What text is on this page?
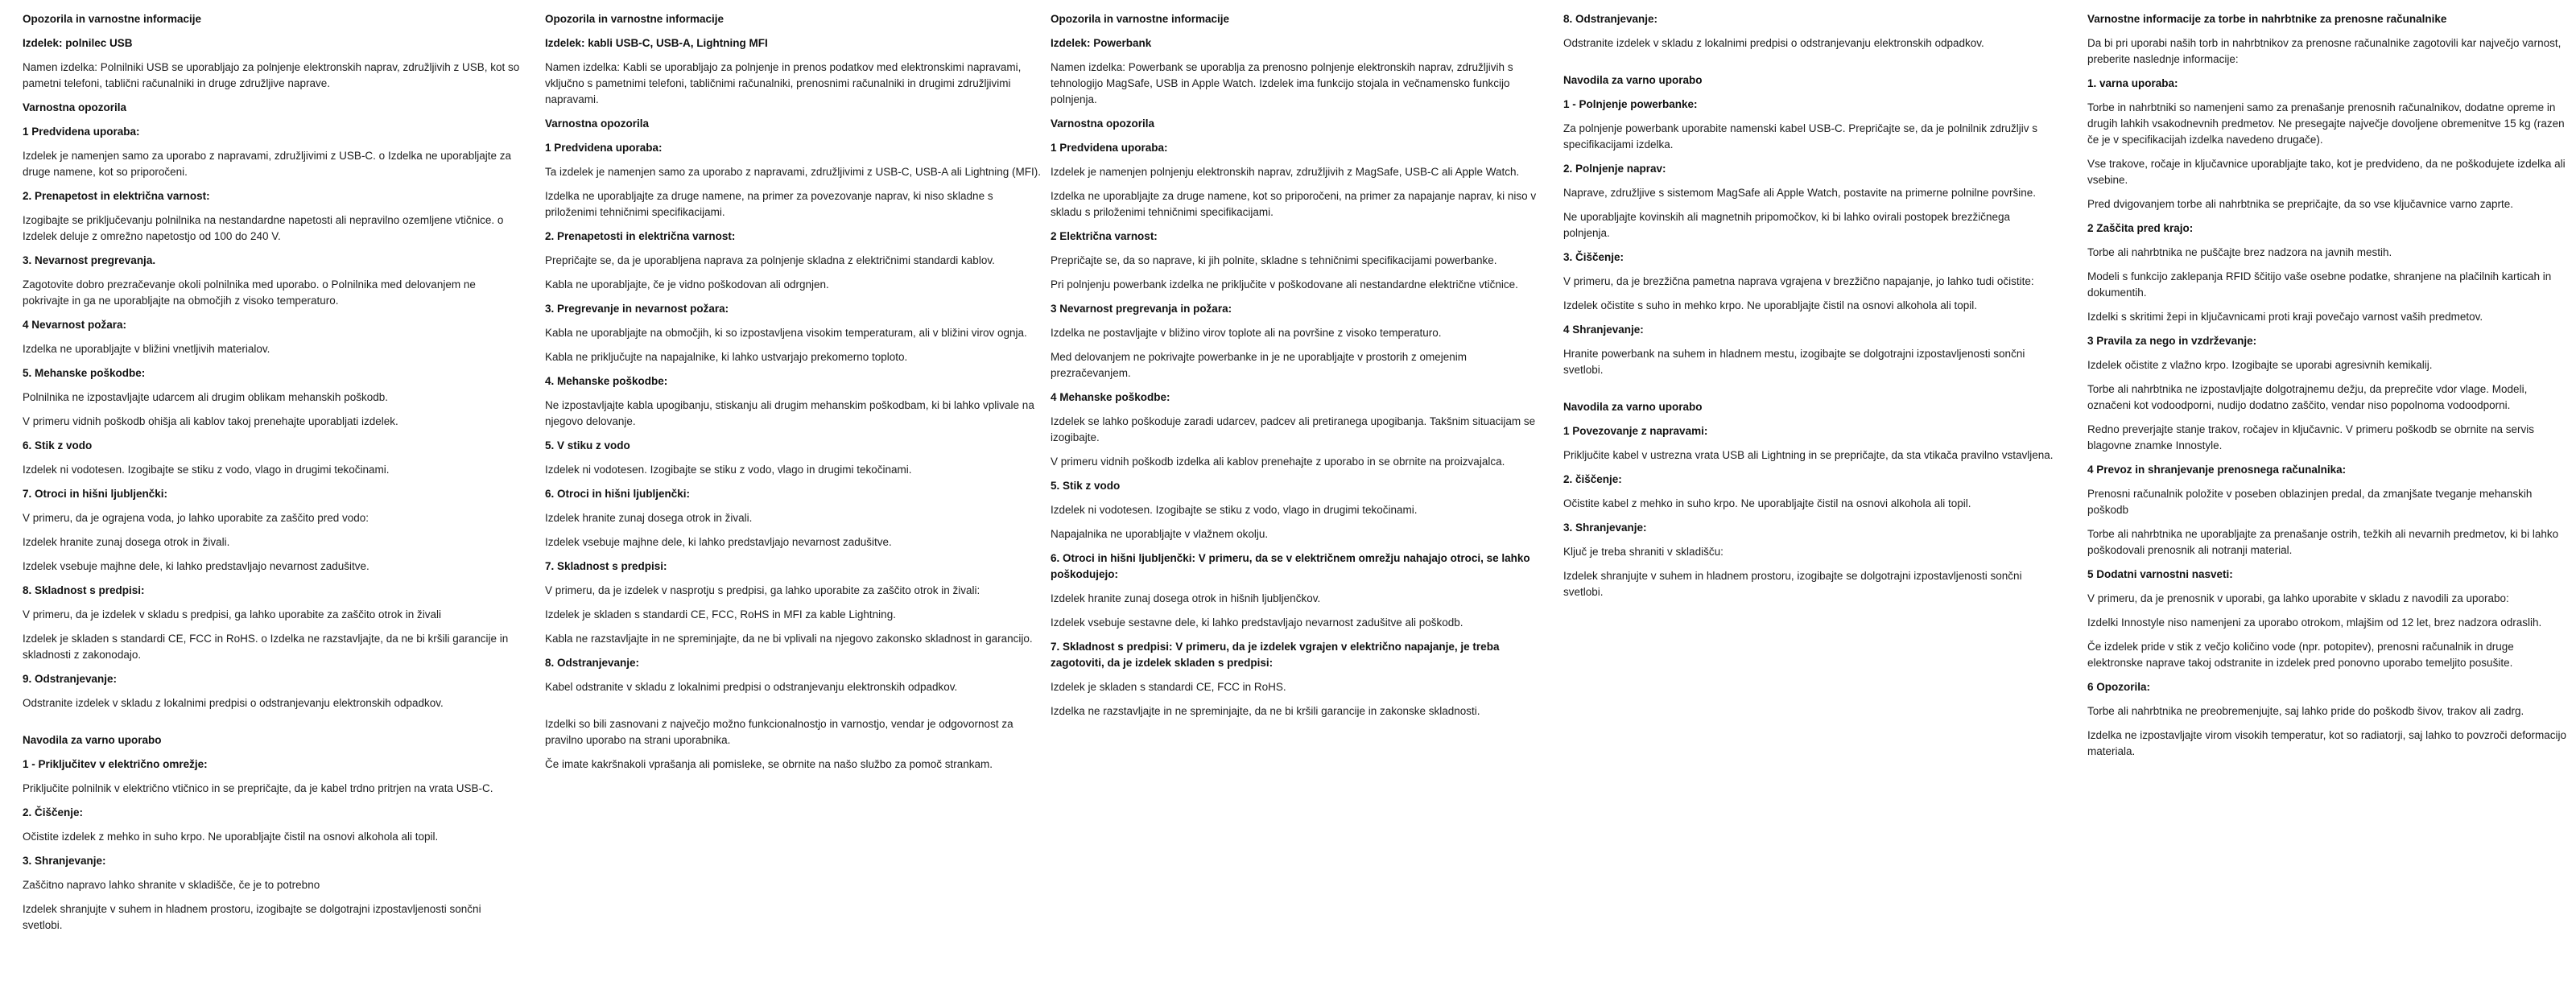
Opozorila in varnostne informacije
Izdelek: polnilec USB
Namen izdelka: Polnilniki USB se uporabljajo za polnjenje elektronskih naprav, združljivih z USB, kot so pametni telefoni, tablični računalniki in druge združljive naprave.
Varnostna opozorila
1 Predvidena uporaba:
Izdelek je namenjen samo za uporabo z napravami, združljivimi z USB-C. o Izdelka ne uporabljajte za druge namene, kot so priporočeni.
2. Prenapetost in električna varnost:
Izogibajte se priključevanju polnilnika na nestandardne napetosti ali nepravilno ozemljene vtičnice. o Izdelek deluje z omrežno napetostjo od 100 do 240 V.
3. Nevarnost pregrevanja.
Zagotovite dobro prezračevanje okoli polnilnika med uporabo. o Polnilnika med delovanjem ne pokrivajte in ga ne uporabljajte na območjih z visoko temperaturo.
4 Nevarnost požara:
Izdelka ne uporabljajte v bližini vnetljivih materialov.
5. Mehanske poškodbe:
Polnilnika ne izpostavljajte udarcem ali drugim oblikam mehanskih poškodb.
V primeru vidnih poškodb ohišja ali kablov takoj prenehajte uporabljati izdelek.
6. Stik z vodo
Izdelek ni vodotesen. Izogibajte se stiku z vodo, vlago in drugimi tekočinami.
7. Otroci in hišni ljubljenčki:
V primeru, da je ograjena voda, jo lahko uporabite za zaščito pred vodo:
Izdelek hranite zunaj dosega otrok in živali.
Izdelek vsebuje majhne dele, ki lahko predstavljajo nevarnost zadušitve.
8. Skladnost s predpisi:
V primeru, da je izdelek v skladu s predpisi, ga lahko uporabite za zaščito otrok in živali
Izdelek je skladen s standardi CE, FCC in RoHS. o Izdelka ne razstavljajte, da ne bi kršili garancije in skladnosti z zakonodajo.
9. Odstranjevanje:
Odstranite izdelek v skladu z lokalnimi predpisi o odstranjevanju elektronskih odpadkov.
Navodila za varno uporabo
1 - Priključitev v električno omrežje:
Priključite polnilnik v električno vtičnico in se prepričajte, da je kabel trdno pritrjen na vrata USB-C.
2. Čiščenje:
Očistite izdelek z mehko in suho krpo. Ne uporabljajte čistil na osnovi alkohola ali topil.
3. Shranjevanje:
Zaščitno napravo lahko shranite v skladišče, če je to potrebno
Izdelek shranjujte v suhem in hladnem prostoru, izogibajte se dolgotrajni izpostavljenosti sončni svetlobi.
Opozorila in varnostne informacije
Izdelek: kabli USB-C, USB-A, Lightning MFI
Namen izdelka: Kabli se uporabljajo za polnjenje in prenos podatkov med elektronskimi napravami, vključno s pametnimi telefoni, tabličnimi računalniki, prenosnimi računalniki in drugimi združljivimi napravami.
Varnostna opozorila
1 Predvidena uporaba:
Ta izdelek je namenjen samo za uporabo z napravami, združljivimi z USB-C, USB-A ali Lightning (MFI).
Izdelka ne uporabljajte za druge namene, na primer za povezovanje naprav, ki niso skladne s priloženimi tehničnimi specifikacijami.
2. Prenapetosti in električna varnost:
Prepričajte se, da je uporabljena naprava za polnjenje skladna z električnimi standardi kablov.
Kabla ne uporabljajte, če je vidno poškodovan ali odrgnjen.
3. Pregrevanje in nevarnost požara:
Kabla ne uporabljajte na območjih, ki so izpostavljena visokim temperaturam, ali v bližini virov ognja.
Kabla ne priključujte na napajalnike, ki lahko ustvarjajo prekomerno toploto.
4. Mehanske poškodbe:
Ne izpostavljajte kabla upogibanju, stiskanju ali drugim mehanskim poškodbam, ki bi lahko vplivale na njegovo delovanje.
5. V stiku z vodo
Izdelek ni vodotesen. Izogibajte se stiku z vodo, vlago in drugimi tekočinami.
6. Otroci in hišni ljubljenčki:
Izdelek hranite zunaj dosega otrok in živali.
Izdelek vsebuje majhne dele, ki lahko predstavljajo nevarnost zadušitve.
7. Skladnost s predpisi:
V primeru, da je izdelek v nasprotju s predpisi, ga lahko uporabite za zaščito otrok in živali:
Izdelek je skladen s standardi CE, FCC, RoHS in MFI za kable Lightning.
Kabla ne razstavljajte in ne spreminjajte, da ne bi vplivali na njegovo zakonsko skladnost in garancijo.
8. Odstranjevanje:
Kabel odstranite v skladu z lokalnimi predpisi o odstranjevanju elektronskih odpadkov.
Izdelki so bili zasnovani z največjo možno funkcionalnostjo in varnostjo, vendar je odgovornost za pravilno uporabo na strani uporabnika.
Če imate kakršnakoli vprašanja ali pomisleke, se obrnite na našo službo za pomoč strankam.
Opozorila in varnostne informacije
Izdelek: Powerbank
Namen izdelka: Powerbank se uporablja za prenosno polnjenje elektronskih naprav, združljivih s tehnologijo MagSafe, USB in Apple Watch. Izdelek ima funkcijo stojala in večnamensko funkcijo polnjenja.
Varnostna opozorila
1 Predvidena uporaba:
Izdelek je namenjen polnjenju elektronskih naprav, združljivih z MagSafe, USB-C ali Apple Watch.
Izdelka ne uporabljajte za druge namene, kot so priporočeni, na primer za napajanje naprav, ki niso v skladu s priloženimi tehničnimi specifikacijami.
2 Električna varnost:
Prepričajte se, da so naprave, ki jih polnite, skladne s tehničnimi specifikacijami powerbanke.
Pri polnjenju powerbank izdelka ne priključite v poškodovane ali nestandardne električne vtičnice.
3 Nevarnost pregrevanja in požara:
Izdelka ne postavljajte v bližino virov toplote ali na površine z visoko temperaturo.
Med delovanjem ne pokrivajte powerbanke in je ne uporabljajte v prostorih z omejenim prezračevanjem.
4 Mehanske poškodbe:
Izdelek se lahko poškoduje zaradi udarcev, padcev ali pretiranega upogibanja. Takšnim situacijam se izogibajte.
V primeru vidnih poškodb izdelka ali kablov prenehajte z uporabo in se obrnite na proizvajalca.
5. Stik z vodo
Izdelek ni vodotesen. Izogibajte se stiku z vodo, vlago in drugimi tekočinami.
Napajalnika ne uporabljajte v vlažnem okolju.
6. Otroci in hišni ljubljenčki: V primeru, da se v električnem omrežju nahajajo otroci, se lahko poškodujejo:
Izdelek hranite zunaj dosega otrok in hišnih ljubljenčkov.
Izdelek vsebuje sestavne dele, ki lahko predstavljajo nevarnost zadušitve ali poškodb.
7. Skladnost s predpisi: V primeru, da je izdelek vgrajen v električno napajanje, je treba zagotoviti, da je izdelek skladen s predpisi:
Izdelek je skladen s standardi CE, FCC in RoHS.
Izdelka ne razstavljajte in ne spreminjajte, da ne bi kršili garancije in zakonske skladnosti.
8. Odstranjevanje:
Odstranite izdelek v skladu z lokalnimi predpisi o odstranjevanju elektronskih odpadkov.
Navodila za varno uporabo
1 - Polnjenje powerbanke:
Za polnjenje powerbank uporabite namenski kabel USB-C. Prepričajte se, da je polnilnik združljiv s specifikacijami izdelka.
2. Polnjenje naprav:
Naprave, združljive s sistemom MagSafe ali Apple Watch, postavite na primerne polnilne površine.
Ne uporabljajte kovinskih ali magnetnih pripomočkov, ki bi lahko ovirali postopek brezžičnega polnjenja.
3. Čiščenje:
V primeru, da je brezžična pametna naprava vgrajena v brezžično napajanje, jo lahko tudi očistite:
Izdelek očistite s suho in mehko krpo. Ne uporabljajte čistil na osnovi alkohola ali topil.
4 Shranjevanje:
Hranite powerbank na suhem in hladnem mestu, izogibajte se dolgotrajni izpostavljenosti sončni svetlobi.
Navodila za varno uporabo
1 Povezovanje z napravami:
Priključite kabel v ustrezna vrata USB ali Lightning in se prepričajte, da sta vtikača pravilno vstavljena.
2. čiščenje:
Očistite kabel z mehko in suho krpo. Ne uporabljajte čistil na osnovi alkohola ali topil.
3. Shranjevanje:
Ključ je treba shraniti v skladišču:
Izdelek shranjujte v suhem in hladnem prostoru, izogibajte se dolgotrajni izpostavljenosti sončni svetlobi.
Varnostne informacije za torbe in nahrbtnike za prenosne računalnike
Da bi pri uporabi naših torb in nahrbtnikov za prenosne računalnike zagotovili kar največjo varnost, preberite naslednje informacije:
1. varna uporaba:
Torbe in nahrbtniki so namenjeni samo za prenašanje prenosnih računalnikov, dodatne opreme in drugih lahkih vsakodnevnih predmetov. Ne presegajte največje dovoljene obremenitve 15 kg (razen če je v specifikacijah izdelka navedeno drugače).
Vse trakove, ročaje in ključavnice uporabljajte tako, kot je predvideno, da ne poškodujete izdelka ali vsebine.
Pred dvigovanjem torbe ali nahrbtnika se prepričajte, da so vse ključavnice varno zaprte.
2 Zaščita pred krajo:
Torbe ali nahrbtnika ne puščajte brez nadzora na javnih mestih.
Modeli s funkcijo zaklepanja RFID ščitijo vaše osebne podatke, shranjene na plačilnih karticah in dokumentih.
Izdelki s skritimi žepi in ključavnicami proti kraji povečajo varnost vaših predmetov.
3 Pravila za nego in vzdrževanje:
Izdelek očistite z vlažno krpo. Izogibajte se uporabi agresivnih kemikalij.
Torbe ali nahrbtnika ne izpostavljajte dolgotrajnemu dežju, da preprečite vdor vlage. Modeli, označeni kot vodoodporni, nudijo dodatno zaščito, vendar niso popolnoma vodoodporni.
Redno preverjajte stanje trakov, ročajev in ključavnic. V primeru poškodb se obrnite na servis blagovne znamke Innostyle.
4 Prevoz in shranjevanje prenosnega računalnika:
Prenosni računalnik položite v poseben oblazinjen predal, da zmanjšate tveganje mehanskih poškodb
Torbe ali nahrbtnika ne uporabljajte za prenašanje ostrih, težkih ali nevarnih predmetov, ki bi lahko poškodovali prenosnik ali notranji material.
5 Dodatni varnostni nasveti:
V primeru, da je prenosnik v uporabi, ga lahko uporabite v skladu z navodili za uporabo:
Izdelki Innostyle niso namenjeni za uporabo otrokom, mlajšim od 12 let, brez nadzora odraslih.
Če izdelek pride v stik z večjo količino vode (npr. potopitev), prenosni računalnik in druge elektronske naprave takoj odstranite in izdelek pred ponovno uporabo temeljito posušite.
6 Opozorila:
Torbe ali nahrbtnika ne preobremenjujte, saj lahko pride do poškodb šivov, trakov ali zadrg.
Izdelka ne izpostavljajte virom visokih temperatur, kot so radiatorji, saj lahko to povzroči deformacijo materiala.
